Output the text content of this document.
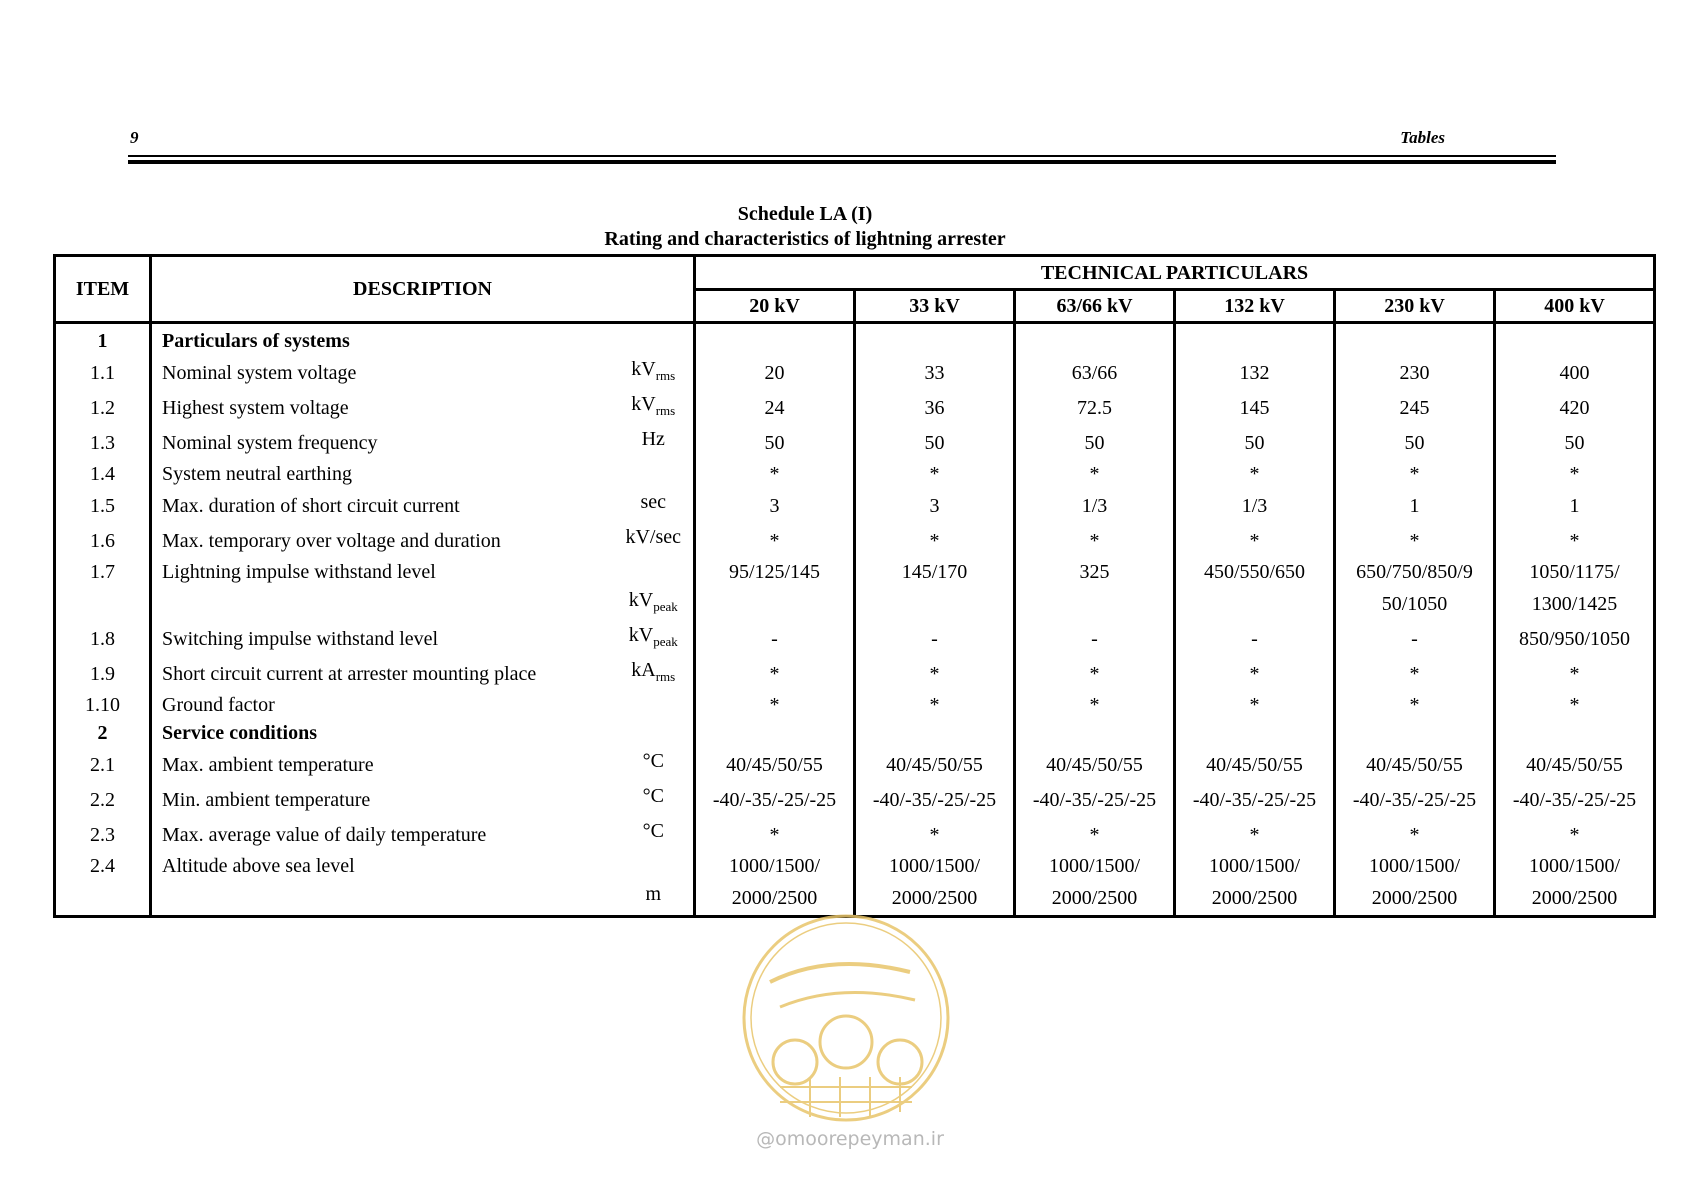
9	Tables
Schedule LA (I)
Rating and characteristics of lightning arrester
ITEM	DESCRIPTION		TECHNICAL PARTICULARS					
			20 kV	33 kV	63/66 kV	132 kV	230 kV	400 kV
1	Particulars of systems							
1.1	Nominal system voltage	$kV_{rms}$	20	33	63/66	132	230	400
1.2	Highest system voltage	$kV_{rms}$	24	36	72.5	145	245	420
1.3	Nominal system frequency	Hz	50	50	50	50	50	50
1.4	System neutral earthing		*	*	*	*	*	*
1.5	Max. duration of short circuit current	sec	3	3	1/3	1/3	1	1
1.6	Max. temporary over voltage and duration	kV/sec	*	*	*	*	*	*
1.7	Lightning impulse withstand level		95/125/145	145/170	325	450/550/650	650/750/850/9	1050/1175/
		$kV_{peak}$					50/1050	1300/1425
1.8	Switching impulse withstand level	$kV_{peak}$	-	-	-	-	-	850/950/1050
1.9	Short circuit current at arrester mounting place	$kA_{rms}$	*	*	*	*	*	*
1.10	Ground factor		*	*	*	*	*	*
2	Service conditions							
2.1	Max. ambient temperature	°C	40/45/50/55	40/45/50/55	40/45/50/55	40/45/50/55	40/45/50/55	40/45/50/55
2.2	Min. ambient temperature	°C	-40/-35/-25/-25	-40/-35/-25/-25	-40/-35/-25/-25	-40/-35/-25/-25	-40/-35/-25/-25	-40/-35/-25/-25
2.3	Max. average value of daily temperature	°C	*	*	*	*	*	*
2.4	Altitude above sea level		1000/1500/	1000/1500/	1000/1500/	1000/1500/	1000/1500/	1000/1500/
		m	2000/2500	2000/2500	2000/2500	2000/2500	2000/2500	2000/2500
@omoorepeyman.ir
